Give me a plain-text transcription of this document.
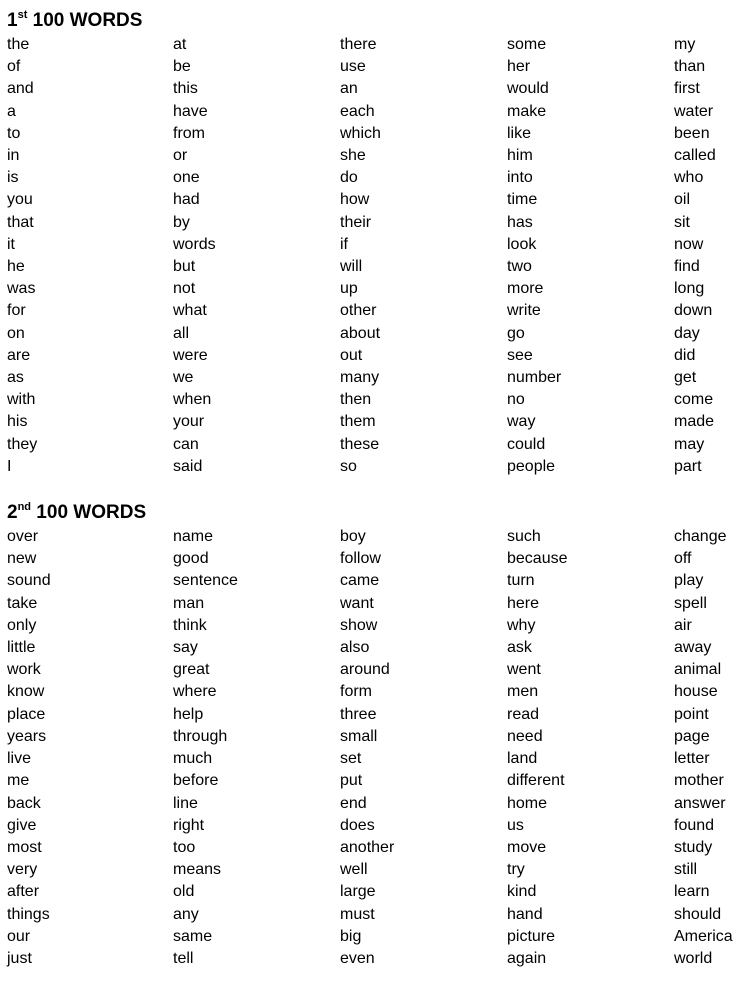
1st 100 WORDS
the	at	there	some	my
of	be	use	her	than
and	this	an	would	first
a	have	each	make	water
to	from	which	like	been
in	or	she	him	called
is	one	do	into	who
you	had	how	time	oil
that	by	their	has	sit
it	words	if	look	now
he	but	will	two	find
was	not	up	more	long
for	what	other	write	down
on	all	about	go	day
are	were	out	see	did
as	we	many	number	get
with	when	then	no	come
his	your	them	way	made
they	can	these	could	may
I	said	so	people	part
2nd 100 WORDS
over	name	boy	such	change
new	good	follow	because	off
sound	sentence	came	turn	play
take	man	want	here	spell
only	think	show	why	air
little	say	also	ask	away
work	great	around	went	animal
know	where	form	men	house
place	help	three	read	point
years	through	small	need	page
live	much	set	land	letter
me	before	put	different	mother
back	line	end	home	answer
give	right	does	us	found
most	too	another	move	study
very	means	well	try	still
after	old	large	kind	learn
things	any	must	hand	should
our	same	big	picture	America
just	tell	even	again	world
